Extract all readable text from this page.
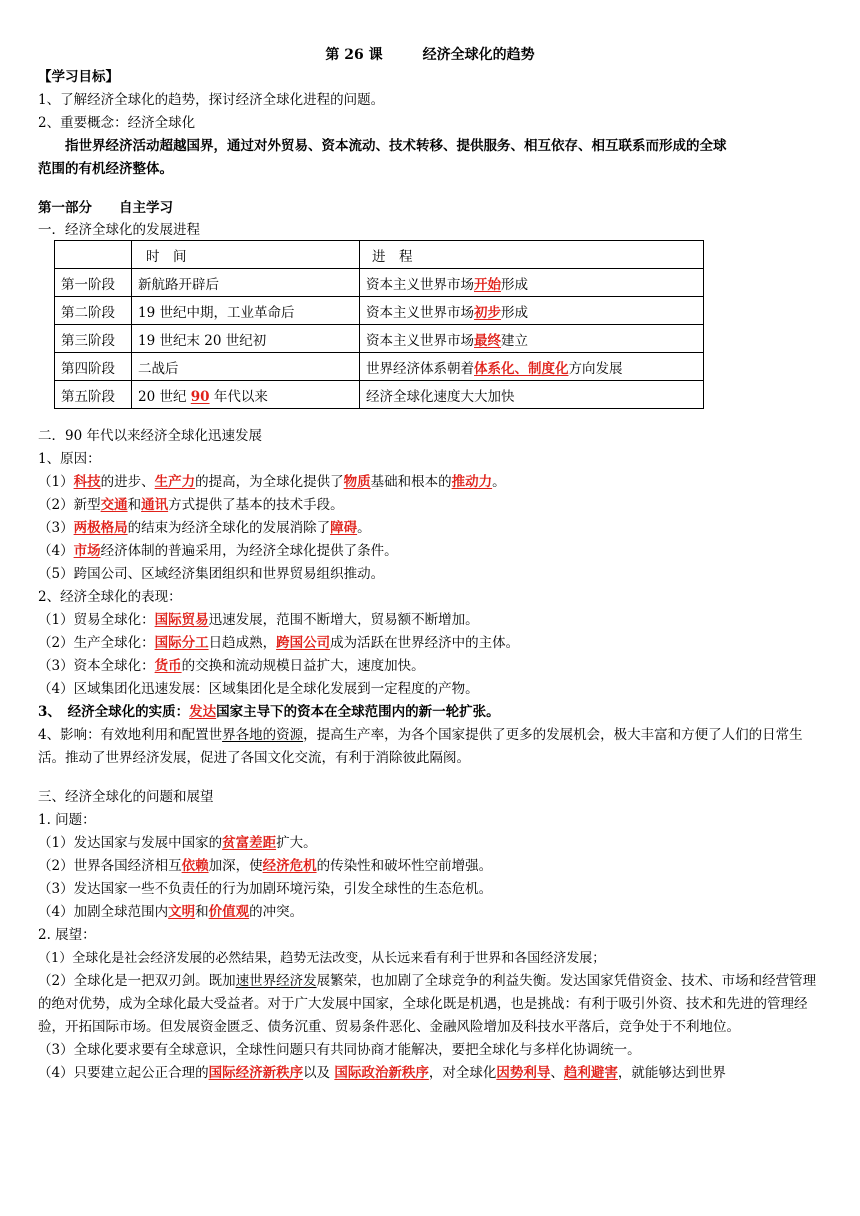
第 26 课	经济全球化的趋势
【学习目标】
1、了解经济全球化的趋势，探讨经济全球化进程的问题。
2、重要概念：经济全球化
指世界经济活动超越国界，通过对外贸易、资本流动、技术转移、提供服务、相互依存、相互联系而形成的全球
范围的有机经济整体。
第一部分　　 自主学习
一．经济全球化的发展进程
	时　间	进　程
第一阶段	新航路开辟后	资本主义世界市场开始形成
第二阶段	19 世纪中期，工业革命后	资本主义世界市场初步形成
第三阶段	19 世纪末 20 世纪初	资本主义世界市场最终建立
第四阶段	二战后	世界经济体系朝着体系化、制度化方向发展
第五阶段	20 世纪 90 年代以来	经济全球化速度大大加快
二．90 年代以来经济全球化迅速发展
1、原因：
（1）科技的进步、生产力的提高，为全球化提供了物质基础和根本的推动力。
（2）新型交通和通讯方式提供了基本的技术手段。
（3）两极格局的结束为经济全球化的发展消除了障碍。
（4）市场经济体制的普遍采用，为经济全球化提供了条件。
（5）跨国公司、区域经济集团组织和世界贸易组织推动。
2、经济全球化的表现：
（1）贸易全球化：国际贸易迅速发展，范围不断增大，贸易额不断增加。
（2）生产全球化：国际分工日趋成熟，跨国公司成为活跃在世界经济中的主体。
（3）资本全球化：货币的交换和流动规模日益扩大，速度加快。
（4）区域集团化迅速发展：区域集团化是全球化发展到一定程度的产物。
3、　经济全球化的实质：发达国家主导下的资本在全球范围内的新一轮扩张。
4、影响：有效地利用和配置世界各地的资源，提高生产率，为各个国家提供了更多的发展机会，极大丰富和方便了人们的日常生活。推动了世界经济发展，促进了各国文化交流，有利于消除彼此隔阂。
三、经济全球化的问题和展望
1. 问题：
（1）发达国家与发展中国家的贫富差距扩大。
（2）世界各国经济相互依赖加深，使经济危机的传染性和破坏性空前增强。
（3）发达国家一些不负责任的行为加剧环境污染，引发全球性的生态危机。
（4）加剧全球范围内文明和价值观的冲突。
2. 展望：
（1）全球化是社会经济发展的必然结果，趋势无法改变，从长远来看有利于世界和各国经济发展；
（2）全球化是一把双刃剑。既加速世界经济发展繁荣，也加剧了全球竞争的利益失衡。发达国家凭借资金、技术、市场和经营管理的绝对优势，成为全球化最大受益者。对于广大发展中国家，全球化既是机遇，也是挑战：有利于吸引外资、技术和先进的管理经验，开拓国际市场。但发展资金匮乏、债务沉重、贸易条件恶化、金融风险增加及科技水平落后，竞争处于不利地位。
（3）全球化要求要有全球意识，全球性问题只有共同协商才能解决，要把全球化与多样化协调统一。
（4）只要建立起公正合理的国际经济新秩序以及 国际政治新秩序，对全球化因势利导、趋利避害，就能够达到世界
